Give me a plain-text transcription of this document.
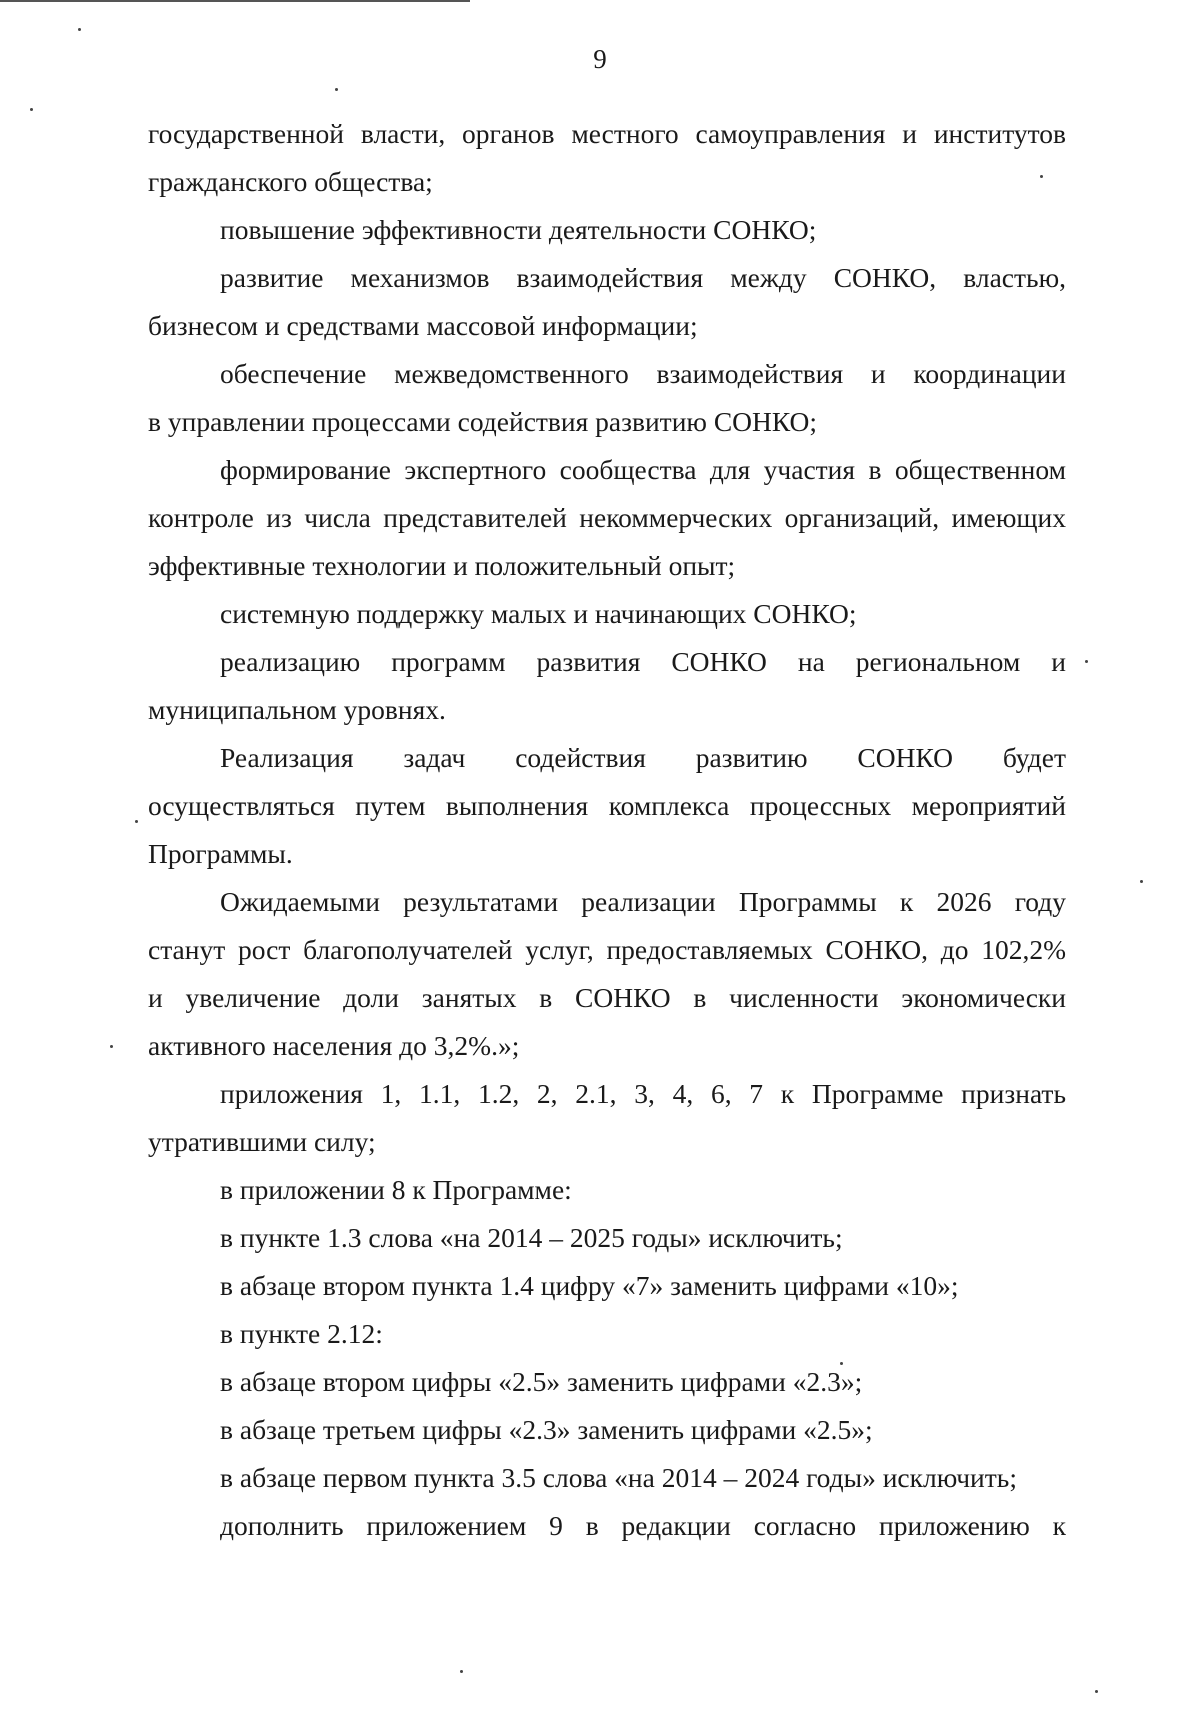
9
государственной власти, органов местного самоуправления и институтов
гражданского общества;
повышение эффективности деятельности СОНКО;
развитие механизмов взаимодействия между СОНКО, властью,
бизнесом и средствами массовой информации;
обеспечение межведомственного взаимодействия и координации
в управлении процессами содействия развитию СОНКО;
формирование экспертного сообщества для участия в общественном
контроле из числа представителей некоммерческих организаций, имеющих
эффективные технологии и положительный опыт;
системную поддержку малых и начинающих СОНКО;
реализацию программ развития СОНКО на региональном и
муниципальном уровнях.
Реализация задач содействия развитию СОНКО будет
осуществляться путем выполнения комплекса процессных мероприятий
Программы.
Ожидаемыми результатами реализации Программы к 2026 году
станут рост благополучателей услуг, предоставляемых СОНКО, до 102,2%
и увеличение доли занятых в СОНКО в численности экономически
активного населения до 3,2%.»;
приложения 1, 1.1, 1.2, 2, 2.1, 3, 4, 6, 7 к Программе признать
утратившими силу;
в приложении 8 к Программе:
в пункте 1.3 слова «на 2014 – 2025 годы» исключить;
в абзаце втором пункта 1.4 цифру «7» заменить цифрами «10»;
в пункте 2.12:
в абзаце втором цифры «2.5» заменить цифрами «2.3»;
в абзаце третьем цифры «2.3» заменить цифрами «2.5»;
в абзаце первом пункта 3.5 слова «на 2014 – 2024 годы» исключить;
дополнить приложением 9 в редакции согласно приложению к
